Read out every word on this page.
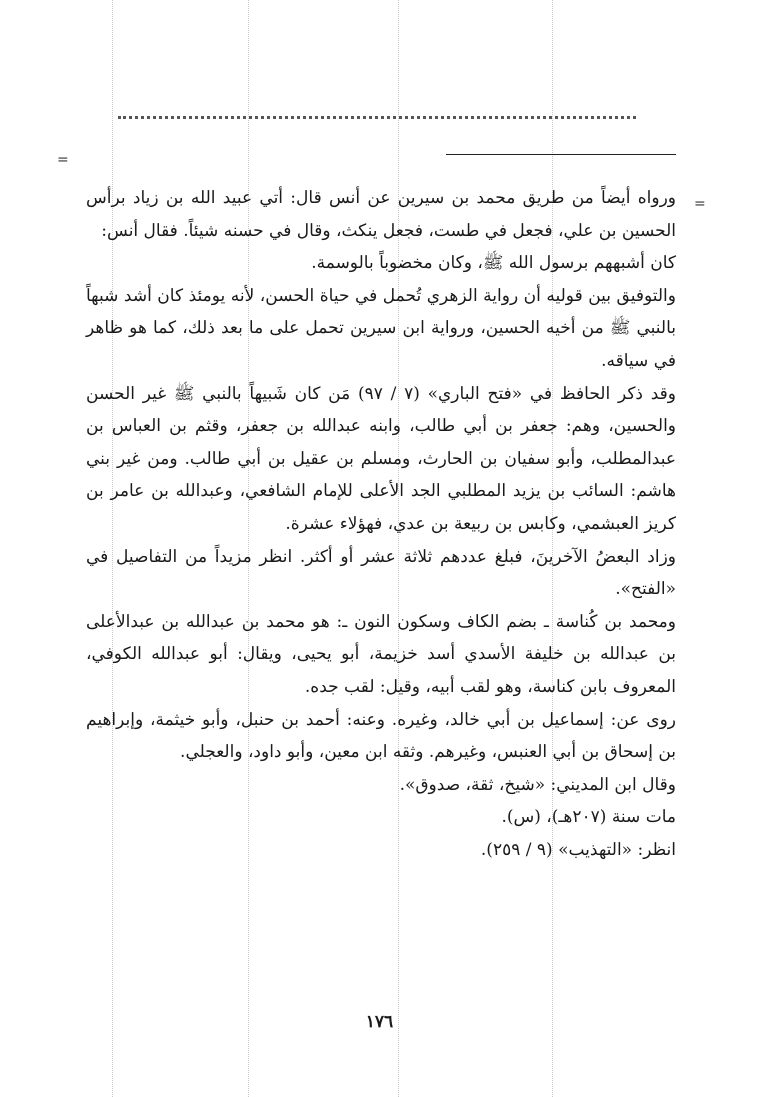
=
=

ورواه أيضاً من طريق محمد بن سيرين عن أنس قال: أتي عبيد الله بن زياد برأس الحسين بن علي، فجعل في طست، فجعل ينكث، وقال في حسنه شيئاً. فقال أنس:

كان أشبههم برسول الله ﷺ، وكان مخضوباً بالوسمة.

والتوفيق بين قوليه أن رواية الزهري تُحمل في حياة الحسن، لأنه يومئذ كان أشد شبهاً بالنبي ﷺ من أخيه الحسين، ورواية ابن سيرين تحمل على ما بعد ذلك، كما هو ظاهر في سياقه.

وقد ذكر الحافظ في «فتح الباري» (٧ / ٩٧) مَن كان شَبيهاً بالنبي ﷺ غير الحسن والحسين، وهم: جعفر بن أبي طالب، وابنه عبدالله بن جعفر، وقثم بن العباس بن عبدالمطلب، وأبو سفيان بن الحارث، ومسلم بن عقيل بن أبي طالب. ومن غير بني هاشم: السائب بن يزيد المطلبي الجد الأعلى للإمام الشافعي، وعبدالله بن عامر بن كريز العبشمي، وكابس بن ربيعة بن عدي، فهؤلاء عشرة.

وزاد البعضُ الآخرينَ، فبلغ عددهم ثلاثة عشر أو أكثر. انظر مزيداً من التفاصيل في «الفتح».

ومحمد بن كُناسة ـ بضم الكاف وسكون النون ـ: هو محمد بن عبدالله بن عبدالأعلى بن عبدالله بن خليفة الأسدي أسد خزيمة، أبو يحيى، ويقال: أبو عبدالله الكوفي، المعروف بابن كناسة، وهو لقب أبيه، وقيل: لقب جده.

روى عن: إسماعيل بن أبي خالد، وغيره. وعنه: أحمد بن حنبل، وأبو خيثمة، وإبراهيم بن إسحاق بن أبي العنبس، وغيرهم. وثقه ابن معين، وأبو داود، والعجلي.

وقال ابن المديني: «شيخ، ثقة، صدوق».

مات سنة (٢٠٧هـ)، (س).

انظر: «التهذيب» (٩ / ٢٥٩).

١٧٦
